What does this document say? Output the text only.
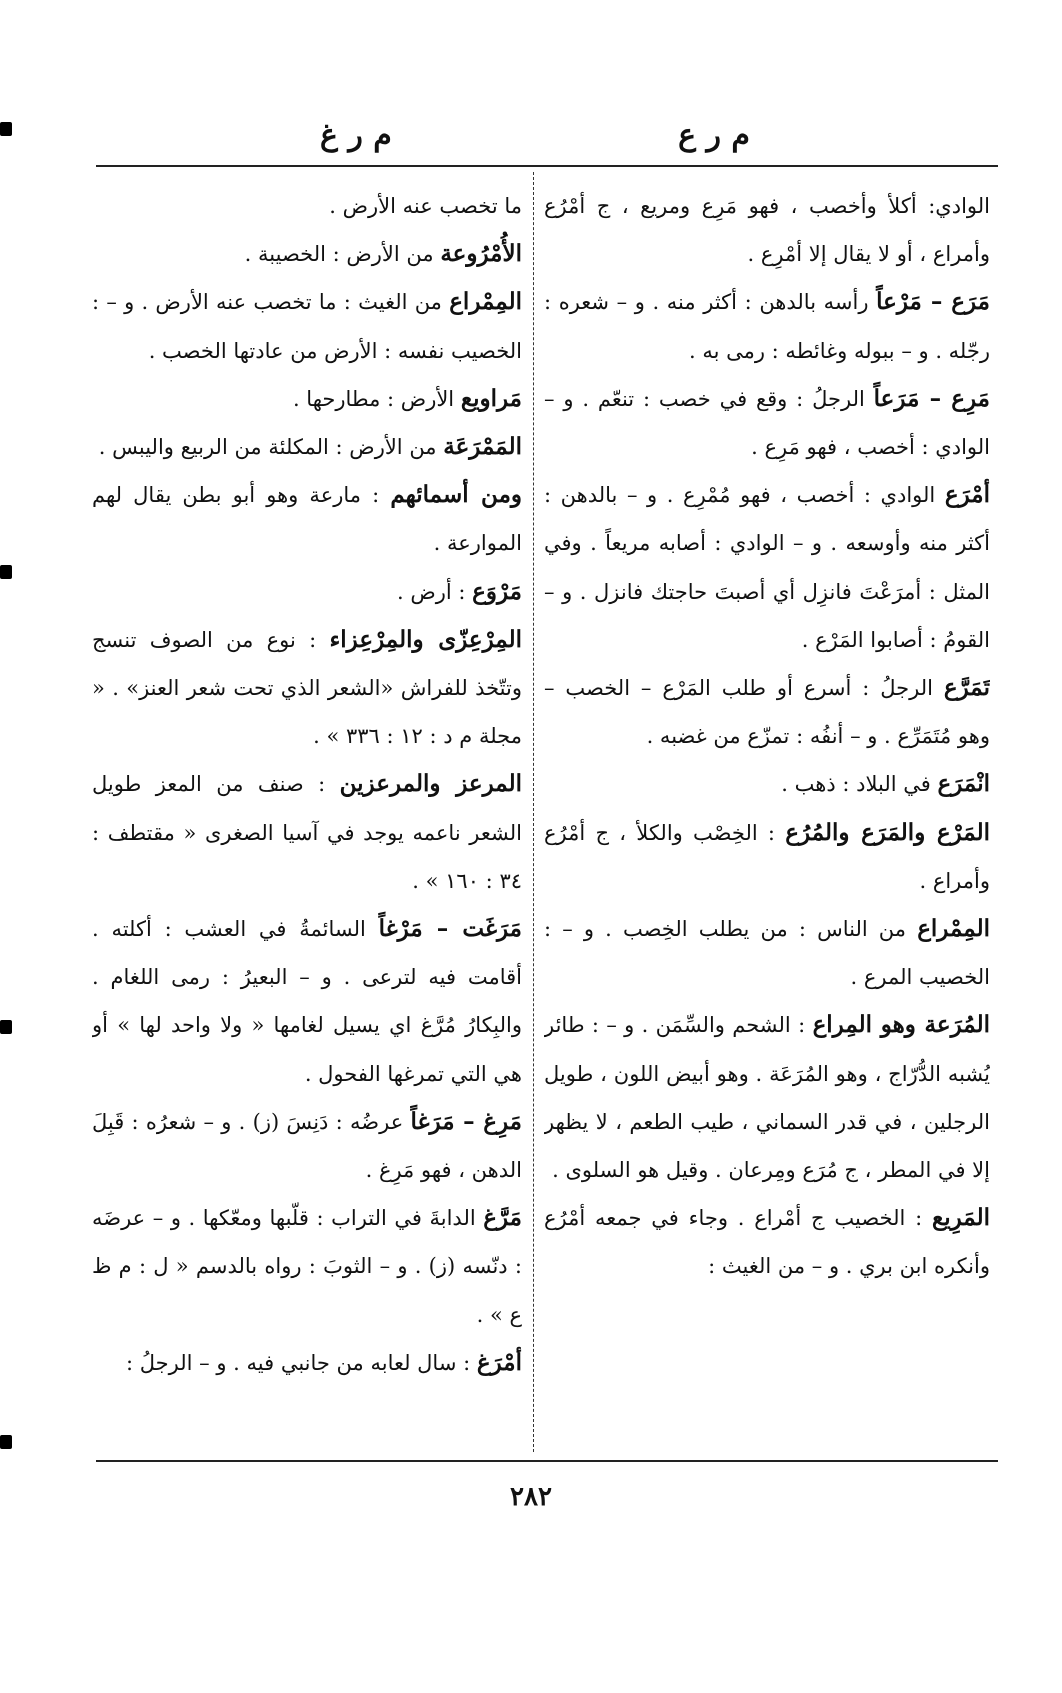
م ر ع
م ر غ

الوادي: أكلأ وأخصب ، فهو مَرِع ومريع ، ج أمْرُع وأمراع ، أو لا يقال إلا أمْرِع .

مَرَع – مَرْعاً رأسه بالدهن : أكثر منه . و – شعره : رجّله . و – ببوله وغائطه : رمى به .

مَرِع – مَرَعاً الرجلُ : وقع في خصب : تنعّم . و – الوادي : أخصب ، فهو مَرِع .

أمْرَع الوادي : أخصب ، فهو مُمْرِع . و – بالدهن : أكثر منه وأوسعه . و – الوادي : أصابه مريعاً . وفي المثل : أمرَعْتَ فانزِل أي أصبتَ حاجتك فانزل . و – القومُ : أصابوا المَرْع .

تَمَرَّع الرجلُ : أسرع أو طلب المَرْع – الخصب – وهو مُتَمَرِّع . و – أنفُه : تمزّع من غضبه .

انْمَرَع في البلاد : ذهب .

المَرْع والمَرَع والمُرُع : الخِصْب والكلأ ، ج أمْرُع وأمراع .

المِمْراع من الناس : من يطلب الخِصب . و – : الخصيب المرع .

المُرَعة وهو المِراع : الشحم والسِّمَن . و – : طائر يُشبه الدُّرّاج ، وهو المُرَعَة . وهو أبيض اللون ، طويل الرجلين ، في قدر السماني ، طيب الطعم ، لا يظهر إلا في المطر ، ج مُرَع ومِرعان . وقيل هو السلوى .

المَرِيع : الخصيب ج أمْراع . وجاء في جمعه أمْرُع وأنكره ابن بري . و – من الغيث :

ما تخصب عنه الأرض .

الأُمْرُوعة من الأرض : الخصيبة .

المِمْراع من الغيث : ما تخصب عنه الأرض . و – : الخصيب نفسه : الأرض من عادتها الخصب .

مَراويع الأرض : مطارحها .

المَمْرَعَة من الأرض : المكلئة من الربيع واليبس .

ومن أسمائهم : مارعة وهو أبو بطن يقال لهم الموارعة .

مَرْوَع : أرض .

المِرْعِزّى والمِرْعِزاء : نوع من الصوف تنسج وتتّخذ للفراش «الشعر الذي تحت شعر العنز» . « مجلة م د : ١٢ : ٣٣٦ » .

المرعز والمرعزين : صنف من المعز طويل الشعر ناعمه يوجد في آسيا الصغرى « مقتطف : ٣٤ : ١٦٠ » .

مَرَغَت – مَرْغاً السائمةُ في العشب : أكلته . أقامت فيه لترعى . و – البعيرُ : رمى اللغام . والبِكارُ مُرَّغ اي يسيل لغامها « ولا واحد لها » أو هي التي تمرغها الفحول .

مَرِغ – مَرَغاً عرضُه : دَنِسَ (ز) . و – شعرُه : قَبِلَ الدهن ، فهو مَرِغ .

مَرَّغ الدابةَ في التراب : قلّبها ومعّكها . و – عرضَه : دنّسه (ز) . و – الثوبَ : رواه بالدسم « ل : م ظ ع » .

أمْرَغ : سال لعابه من جانبي فيه . و – الرجلُ :

٢٨٢
